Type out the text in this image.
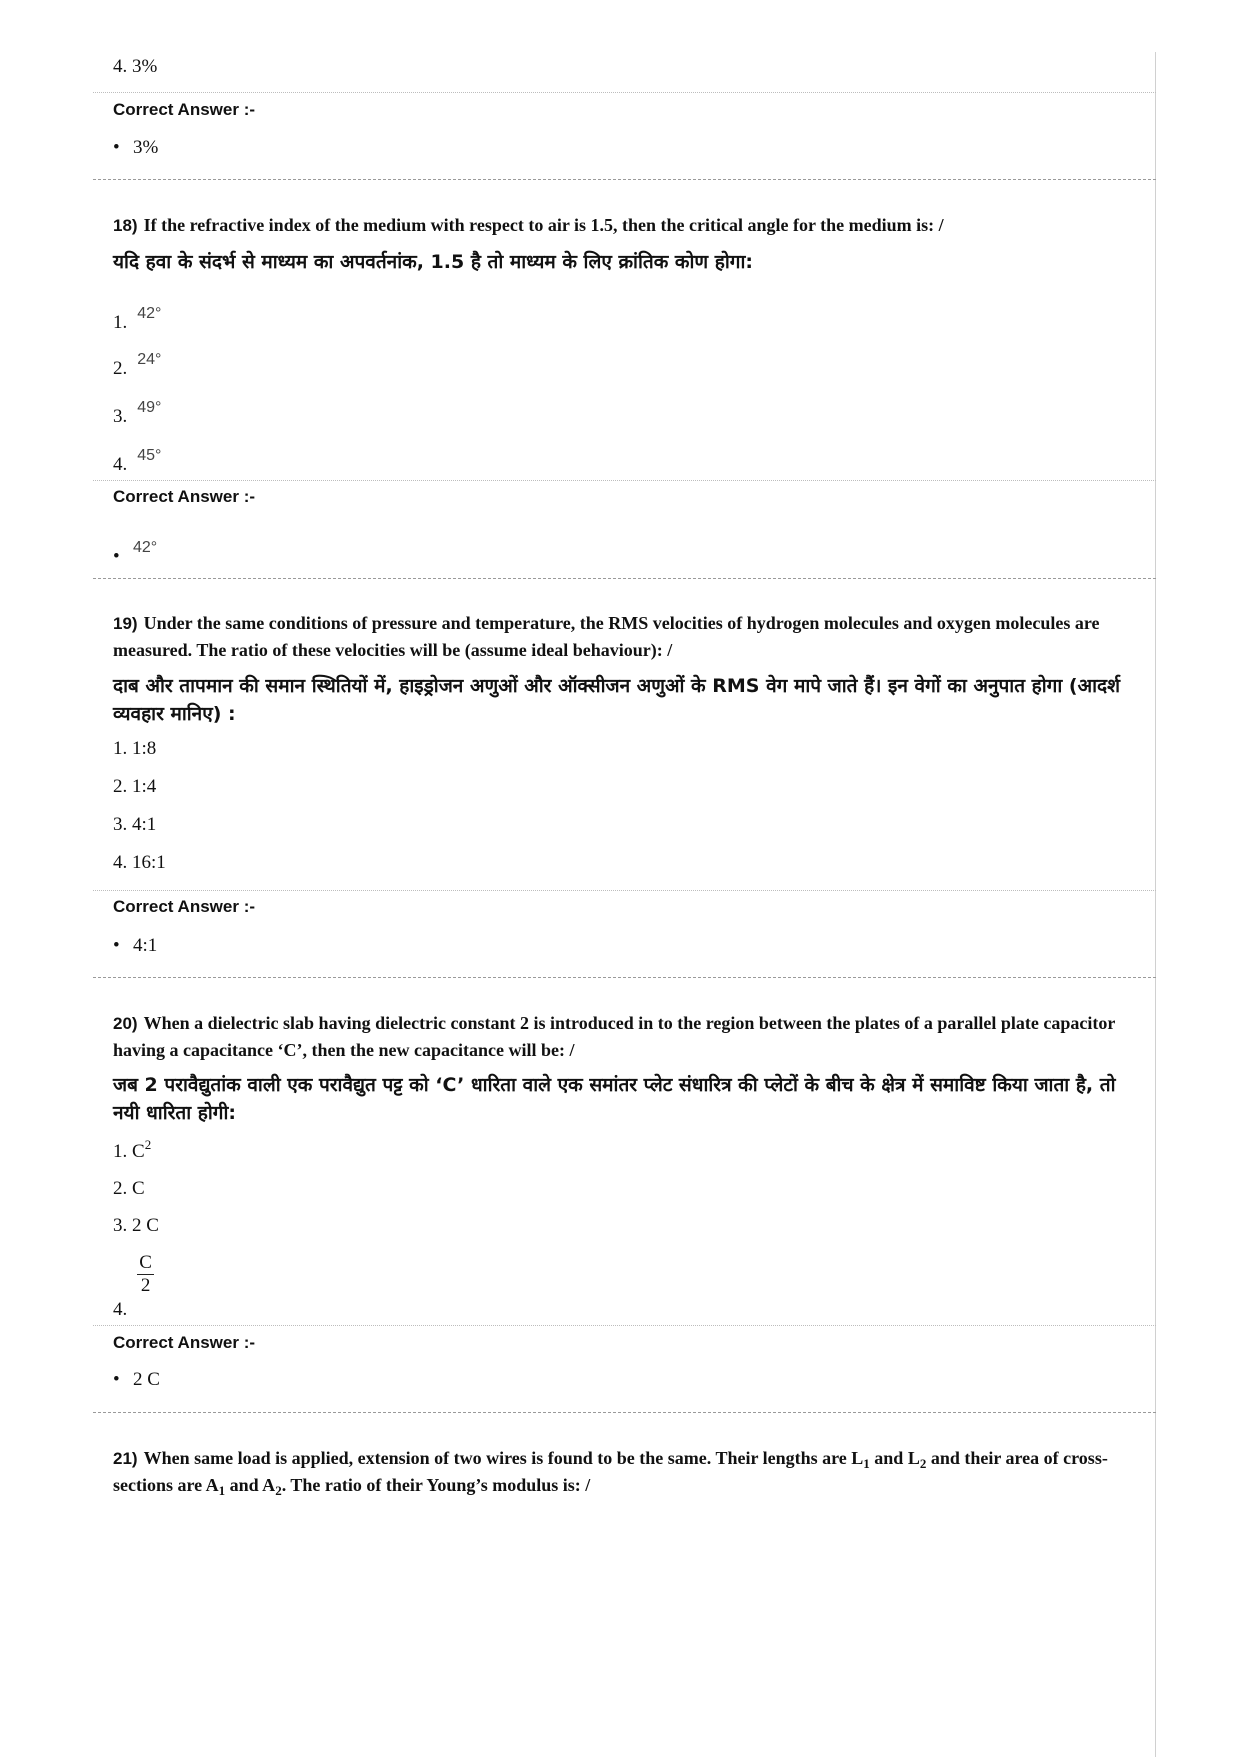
4. 3%
Correct Answer :-
• 3%
18) If the refractive index of the medium with respect to air is 1.5, then the critical angle for the medium is: /
यदि हवा के संदर्भ से माध्यम का अपवर्तनांक, 1.5 है तो माध्यम के लिए क्रांतिक कोण होगा:
1. 42°
2. 24°
3. 49°
4. 45°
Correct Answer :-
• 42°
19) Under the same conditions of pressure and temperature, the RMS velocities of hydrogen molecules and oxygen molecules are measured. The ratio of these velocities will be (assume ideal behaviour): /
दाब और तापमान की समान स्थितियों में, हाइड्रोजन अणुओं और ऑक्सीजन अणुओं के RMS वेग मापे जाते हैं। इन वेगों का अनुपात होगा (आदर्श व्यवहार मानिए) :
1. 1:8
2. 1:4
3. 4:1
4. 16:1
Correct Answer :-
• 4:1
20) When a dielectric slab having dielectric constant 2 is introduced in to the region between the plates of a parallel plate capacitor having a capacitance ‘C’, then the new capacitance will be: /
जब 2 परावैद्युतांक वाली एक परावैद्युत पट्ट को ‘C’ धारिता वाले एक समांतर प्लेट संधारित्र की प्लेटों के बीच के क्षेत्र में समाविष्ट किया जाता है, तो नयी धारिता होगी:
1. $C^2$
2. C
3. 2 C
4.
$\frac{C}{2}$
Correct Answer :-
• 2 C
21) When same load is applied, extension of two wires is found to be the same. Their lengths are $L_1$ and $L_2$ and their area of cross-sections are $A_1$ and $A_2$. The ratio of their Young’s modulus is: /
